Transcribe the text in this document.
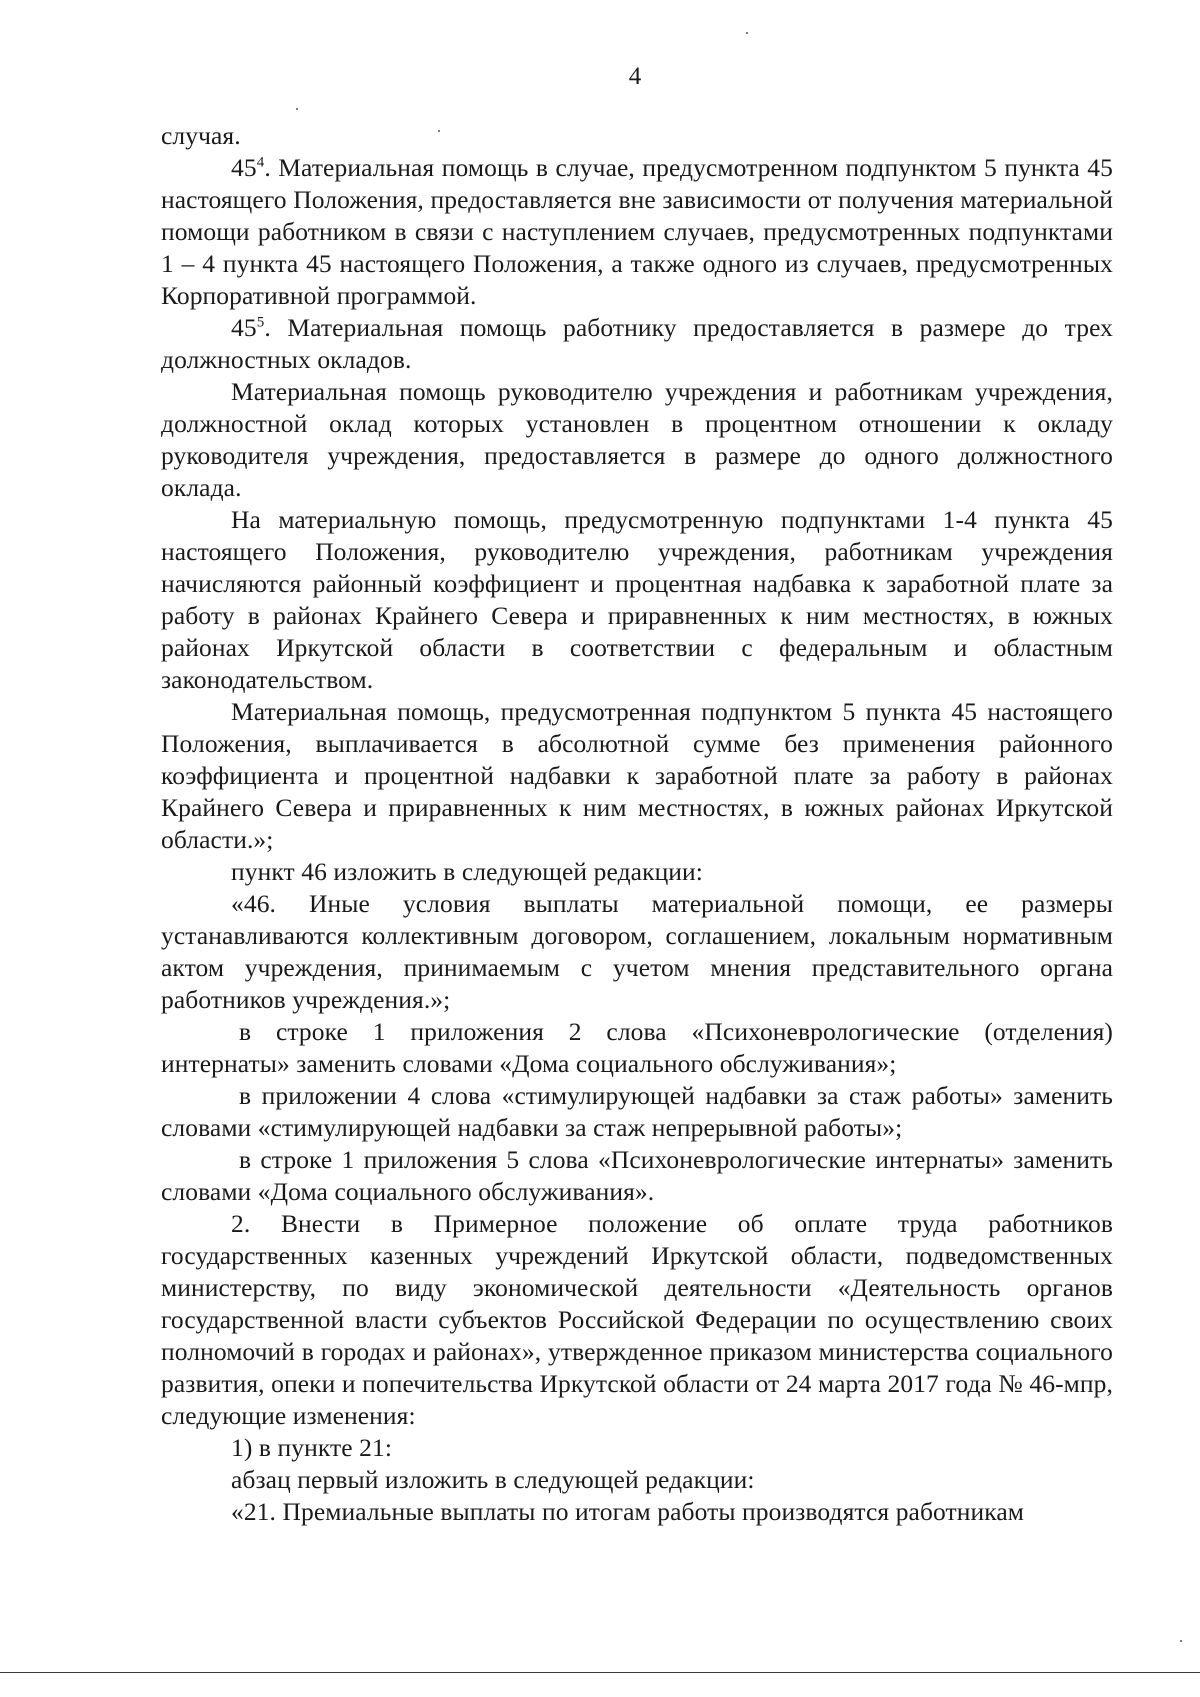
4

случая.

$45^4$. Материальная помощь в случае, предусмотренном подпунктом 5 пункта 45 настоящего Положения, предоставляется вне зависимости от получения материальной помощи работником в связи с наступлением случаев, предусмотренных подпунктами 1 – 4 пункта 45 настоящего Положения, а также одного из случаев, предусмотренных Корпоративной программой.

$45^5$. Материальная помощь работнику предоставляется в размере до трех должностных окладов.

Материальная помощь руководителю учреждения и работникам учреждения, должностной оклад которых установлен в процентном отношении к окладу руководителя учреждения, предоставляется в размере до одного должностного оклада.

На материальную помощь, предусмотренную подпунктами 1-4 пункта 45 настоящего Положения, руководителю учреждения, работникам учреждения начисляются районный коэффициент и процентная надбавка к заработной плате за работу в районах Крайнего Севера и приравненных к ним местностях, в южных районах Иркутской области в соответствии с федеральным и областным законодательством.

Материальная помощь, предусмотренная подпунктом 5 пункта 45 настоящего Положения, выплачивается в абсолютной сумме без применения районного коэффициента и процентной надбавки к заработной плате за работу в районах Крайнего Севера и приравненных к ним местностях, в южных районах Иркутской области.»;

пункт 46 изложить в следующей редакции:

«46. Иные условия выплаты материальной помощи, ее размеры устанавливаются коллективным договором, соглашением, локальным нормативным актом учреждения, принимаемым с учетом мнения представительного органа работников учреждения.»;

в строке 1 приложения 2 слова «Психоневрологические (отделения) интернаты» заменить словами «Дома социального обслуживания»;

в приложении 4 слова «стимулирующей надбавки за стаж работы» заменить словами «стимулирующей надбавки за стаж непрерывной работы»;

в строке 1 приложения 5 слова «Психоневрологические интернаты» заменить словами «Дома социального обслуживания».

2. Внести в Примерное положение об оплате труда работников государственных казенных учреждений Иркутской области, подведомственных министерству, по виду экономической деятельности «Деятельность органов государственной власти субъектов Российской Федерации по осуществлению своих полномочий в городах и районах», утвержденное приказом министерства социального развития, опеки и попечительства Иркутской области от 24 марта 2017 года № 46-мпр, следующие изменения:

1) в пункте 21:

абзац первый изложить в следующей редакции:

«21. Премиальные выплаты по итогам работы производятся работникам
